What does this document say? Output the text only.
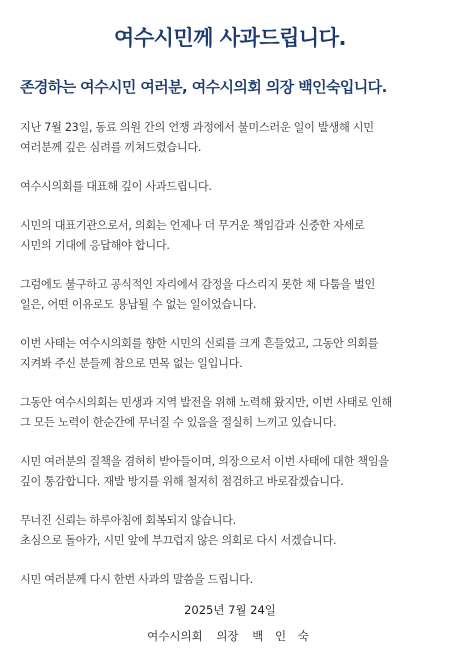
여수시민께 사과드립니다.
존경하는 여수시민 여러분, 여수시의회 의장 백인숙입니다.

지난 7월 23일, 동료 의원 간의 언쟁 과정에서 불미스러운 일이 발생해 시민
여러분께 깊은 심려를 끼쳐드렸습니다.

여수시의회를 대표해 깊이 사과드립니다.

시민의 대표기관으로서, 의회는 언제나 더 무거운 책임감과 신중한 자세로
시민의 기대에 응답해야 합니다.

그럼에도 불구하고 공식적인 자리에서 감정을 다스리지 못한 채 다툼을 벌인
일은, 어떤 이유로도 용납될 수 없는 일이었습니다.

이번 사태는 여수시의회를 향한 시민의 신뢰를 크게 흔들었고, 그동안 의회를
지켜봐 주신 분들께 참으로 면목 없는 일입니다.

그동안 여수시의회는 민생과 지역 발전을 위해 노력해 왔지만, 이번 사태로 인해
그 모든 노력이 한순간에 무너질 수 있음을 절실히 느끼고 있습니다.

시민 여러분의 질책을 겸허히 받아들이며, 의장으로서 이번 사태에 대한 책임을
깊이 통감합니다. 재발 방지를 위해 철저히 점검하고 바로잡겠습니다.

무너진 신뢰는 하루아침에 회복되지 않습니다.
초심으로 돌아가, 시민 앞에 부끄럽지 않은 의회로 다시 서겠습니다.

시민 여러분께 다시 한번 사과의 말씀을 드립니다.

2025년 7월 24일
여수시의회 의장 백 인 숙
